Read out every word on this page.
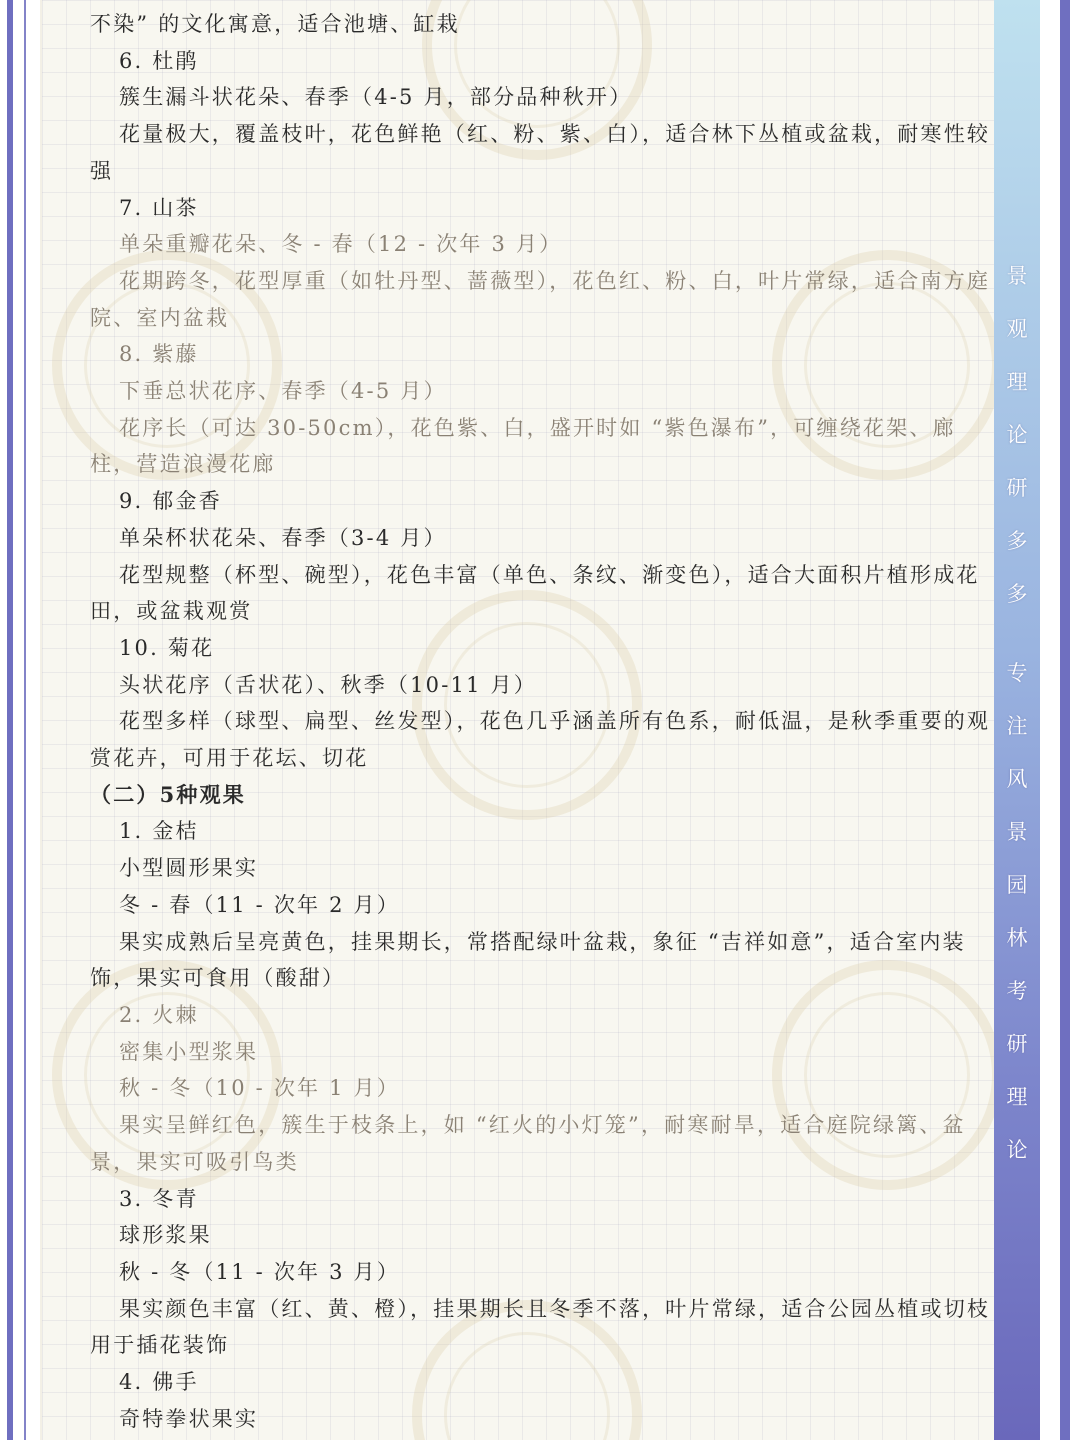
不染” 的文化寓意，适合池塘、缸栽
6. 杜鹃
簇生漏斗状花朵、春季（4-5 月，部分品种秋开）
花量极大，覆盖枝叶，花色鲜艳（红、粉、紫、白），适合林下丛植或盆栽，耐寒性较强
7. 山茶
单朵重瓣花朵、冬 - 春（12 - 次年 3 月）
花期跨冬，花型厚重（如牡丹型、蔷薇型），花色红、粉、白，叶片常绿，适合南方庭院、室内盆栽
8. 紫藤
下垂总状花序、春季（4-5 月）
花序长（可达 30-50cm），花色紫、白，盛开时如 “紫色瀑布”，可缠绕花架、廊柱，营造浪漫花廊
9. 郁金香
单朵杯状花朵、春季（3-4 月）
花型规整（杯型、碗型），花色丰富（单色、条纹、渐变色），适合大面积片植形成花田，或盆栽观赏
10. 菊花
头状花序（舌状花）、秋季（10-11 月）
花型多样（球型、扁型、丝发型），花色几乎涵盖所有色系，耐低温，是秋季重要的观赏花卉，可用于花坛、切花
（二）5种观果
1. 金桔
小型圆形果实
冬 - 春（11 - 次年 2 月）
果实成熟后呈亮黄色，挂果期长，常搭配绿叶盆栽，象征 “吉祥如意”，适合室内装饰，果实可食用（酸甜）
2. 火棘
密集小型浆果
秋 - 冬（10 - 次年 1 月）
果实呈鲜红色，簇生于枝条上，如 “红火的小灯笼”，耐寒耐旱，适合庭院绿篱、盆景，果实可吸引鸟类
3. 冬青
球形浆果
秋 - 冬（11 - 次年 3 月）
果实颜色丰富（红、黄、橙），挂果期长且冬季不落，叶片常绿，适合公园丛植或切枝用于插花装饰
4. 佛手
奇特拳状果实
景
观
理
论
研
多
多
专
注
风
景
园
林
考
研
理
论
